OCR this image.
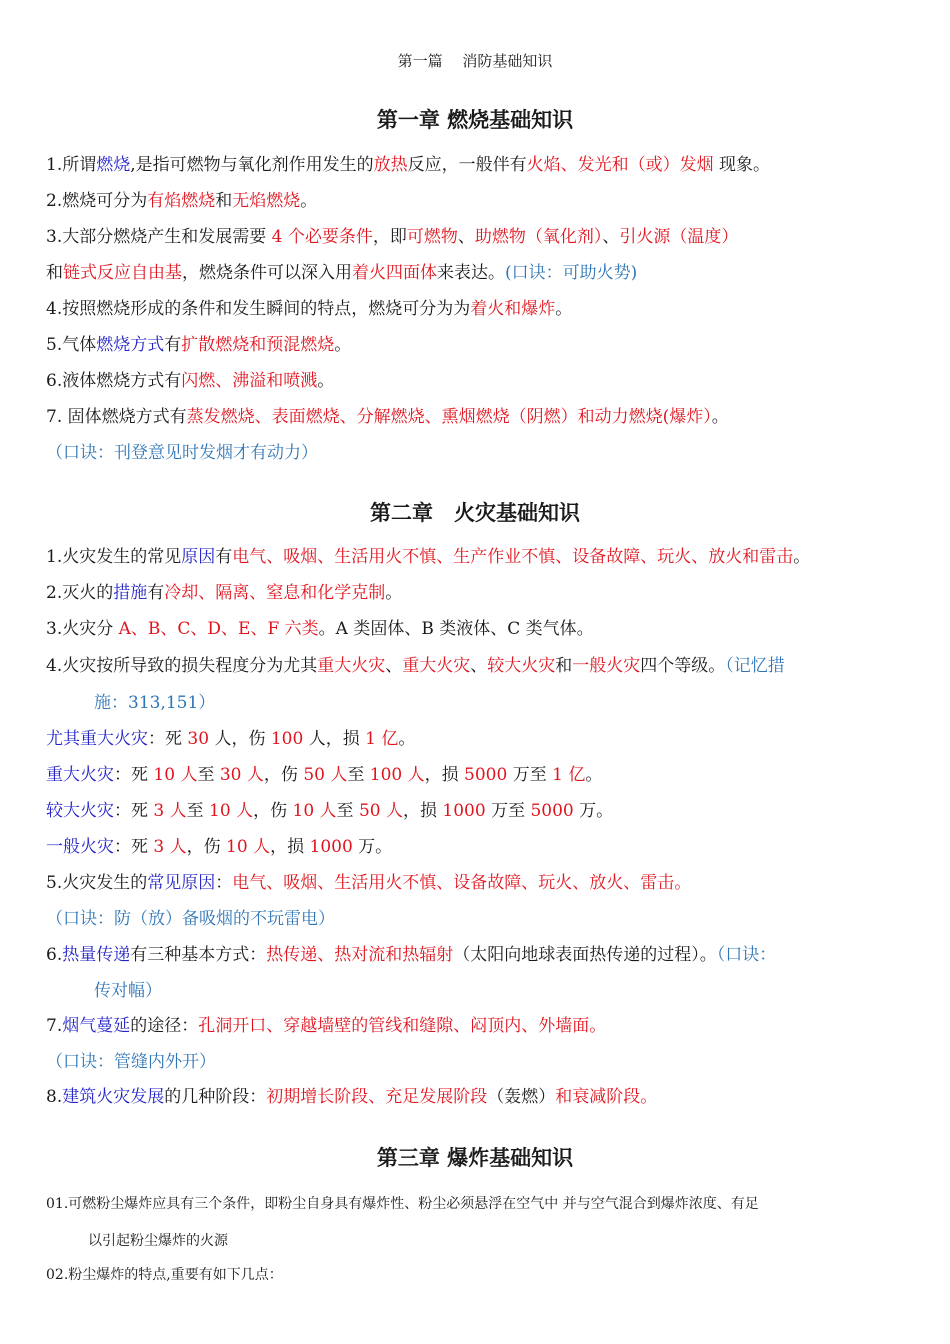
第一篇　 消防基础知识
第一章 燃烧基础知识
1.所谓燃烧,是指可燃物与氧化剂作用发生的放热反应，一般伴有火焰、发光和（或）发烟 现象。
2.燃烧可分为有焰燃烧和无焰燃烧。
3.大部分燃烧产生和发展需要 4 个必要条件，即可燃物、助燃物（氧化剂）、引火源（温度）
和链式反应自由基，燃烧条件可以深入用着火四面体来表达。(口诀：可助火势)
4.按照燃烧形成的条件和发生瞬间的特点，燃烧可分为为着火和爆炸。
5.气体燃烧方式有扩散燃烧和预混燃烧。
6.液体燃烧方式有闪燃、沸溢和喷溅。
7. 固体燃烧方式有蒸发燃烧、表面燃烧、分解燃烧、熏烟燃烧（阴燃）和动力燃烧(爆炸）。
（口诀：刊登意见时发烟才有动力）
第二章　火灾基础知识
1.火灾发生的常见原因有电气、吸烟、生活用火不慎、生产作业不慎、设备故障、玩火、放火和雷击。
2.灭火的措施有冷却、隔离、窒息和化学克制。
3.火灾分 A、B、C、D、E、F 六类。A 类固体、B 类液体、C 类气体。
4.火灾按所导致的损失程度分为尤其重大火灾、重大火灾、较大火灾和一般火灾四个等级。（记忆措
施：313,151）
尤其重大火灾：死 30 人，伤 100 人，损 1 亿。
重大火灾：死 10 人至 30 人，伤 50 人至 100 人，损 5000 万至 1 亿。
较大火灾：死 3 人至 10 人，伤 10 人至 50 人，损 1000 万至 5000 万。
一般火灾：死 3 人，伤 10 人，损 1000 万。
5.火灾发生的常见原因：电气、吸烟、生活用火不慎、设备故障、玩火、放火、雷击。
（口诀：防（放）备吸烟的不玩雷电）
6.热量传递有三种基本方式：热传递、热对流和热辐射（太阳向地球表面热传递的过程）。（口诀：
传对幅）
7.烟气蔓延的途径：孔洞开口、穿越墙壁的管线和缝隙、闷顶内、外墙面。
（口诀：管缝内外开）
8.建筑火灾发展的几种阶段：初期增长阶段、充足发展阶段（轰燃）和衰减阶段。
第三章 爆炸基础知识
01.可燃粉尘爆炸应具有三个条件，即粉尘自身具有爆炸性、粉尘必须悬浮在空气中 并与空气混合到爆炸浓度、有足
以引起粉尘爆炸的火源
02.粉尘爆炸的特点,重要有如下几点：
